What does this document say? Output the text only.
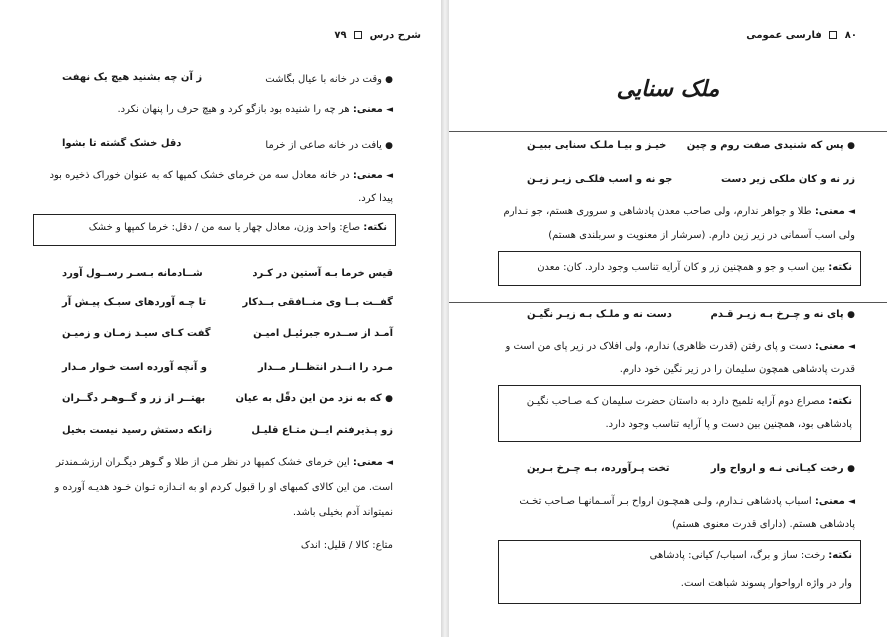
شرح درس  ۷۹
● وقت در خانه با عیال بگاشت
ز آن چه بشنید هیچ یک نهفت
◄ معنی: هر چه را شنیده بود بازگو کرد و هیچ حرف را پنهان نکرد.
● یافت در خانه صاعی از خرما
دقل خشک گشته تا بشوا
◄ معنی: در خانه معادل سه من خرمای خشک کمپها که به عنوان خوراک ذخیره بود
پیدا کرد.
نکته: صاع: واحد وزن، معادل چهار یا سه من / دقل: خرما کمپها و خشک
قیس خرما بـه آستین در کـرد
شــادمانه بـسـر رســول آورد
گفــت بــا وی منــافقی بــدکار
تا چـه آوردهای سبـک پیـش آر
آمـد از ســدره جبرئیـل امیـن
گفت کـای سیـد زمـان و زمیـن
مـرد را انــدر انتظــار مــدار
و آنچه آورده است خـوار مـدار
● که به نزد من این دقّل به عیان
بهتــر از زر و گــوهـر دگــران
زو پـذیرفتم ایــن متـاع قلیـل
زانکه دستش رسید نیست بخیل
◄ معنی: این خرمای خشک کمپها در نظر مـن از طلا و گـوهر دیگـران ارزشـمندتر
است. من این کالای کمبهای او را قبول کردم او به انـدازه تـوان خـود هدیـه آورده و
نمیتواند آدم بخیلی باشد.
متاع: کالا / قلیل: اندک
۸۰  فارسی عمومی
ملک سنایی
● پس که شنیدی صفت روم و چین
خیـز و بیـا ملـک سنایی ببیـن
زر نه و کان ملکی زیر دست
جو نه و اسب فلکـی زیـر زیـن
◄ معنی: طلا و جواهر ندارم، ولی صاحب معدن پادشاهی و سروری هستم، جو نـدارم
ولی اسب آسمانی در زیر زین دارم. (سرشار از معنویت و سربلندی هستم)
نکته: بین اسب و جو و همچنین زر و کان آرایه تناسب وجود دارد. کان: معدن
● پای نه و چـرخ بـه زیـر قـدم
دست نه و ملـک بـه زیـر نگیـن
◄ معنی: دست و پای رفتن (قدرت ظاهری) ندارم، ولی افلاک در زیر پای من است و
قدرت پادشاهی همچون سلیمان را در زیر نگین خود دارم.
نکته: مصراع دوم آرایه تلمیح دارد به داستان حضرت سلیمان کـه صـاحب نگیـن
پادشاهی بود، همچنین بین دست و پا آرایه تناسب وجود دارد.
● رخت کیـانی نـه و ارواح وار
تخت پـرآورده، بـه چـرخ بـرین
◄ معنی: اسباب پادشاهی نـدارم، ولـی همچـون ارواح بـر آسـمانهـا صـاحب تخـت
پادشاهی هستم. (دارای قدرت معنوی هستم)
نکته: رخت: ساز و برگ، اسباب/ کیانی: پادشاهی
وار در واژه ارواحوار پسوند شباهت است.
